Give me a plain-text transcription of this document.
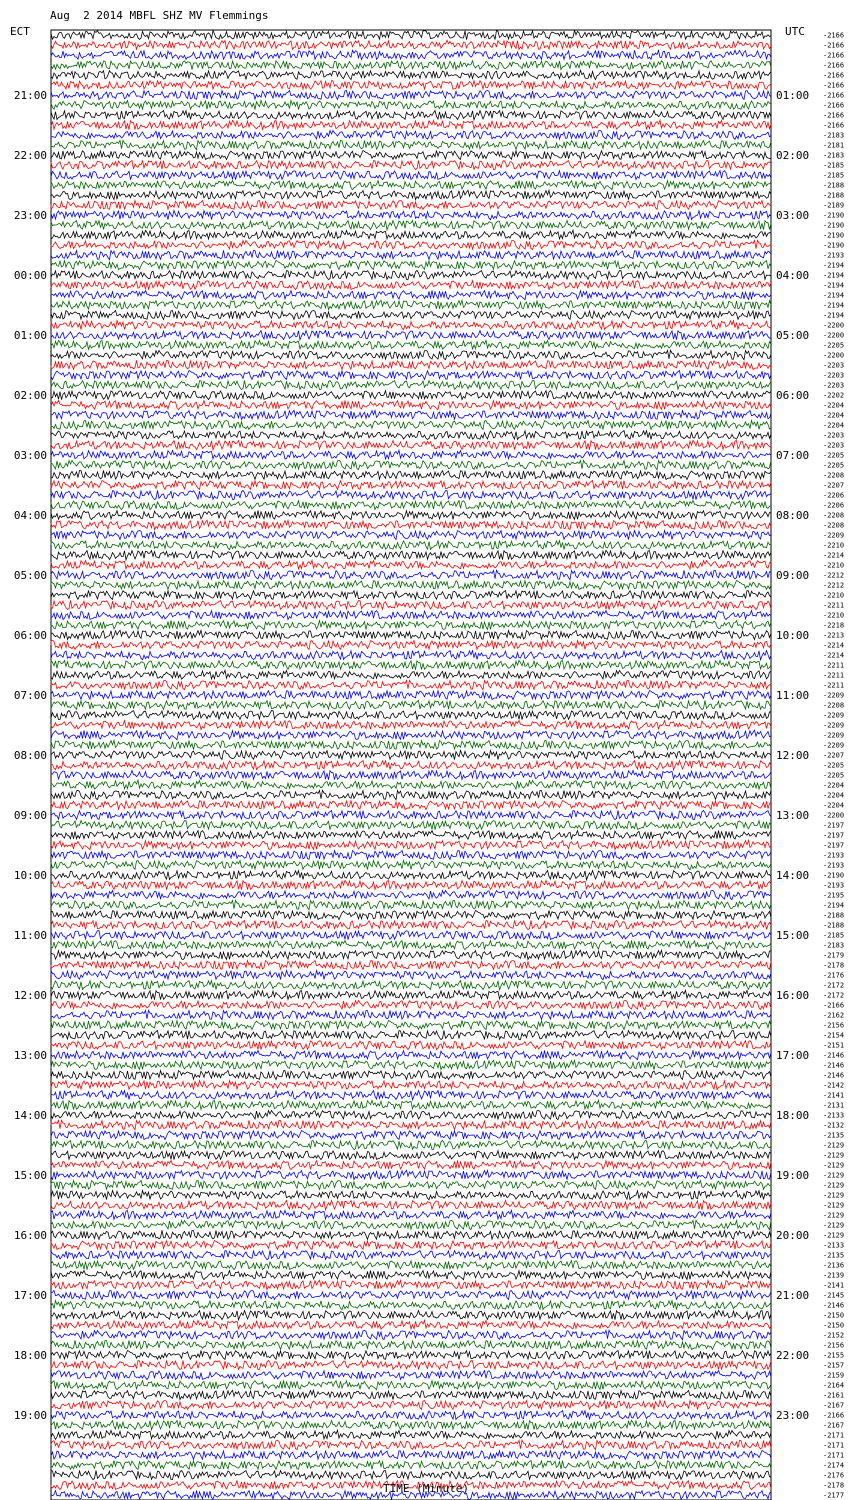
Aug  2 2014 MBFL SHZ MV Flemmings
ECT	UTC	-2166
-2166
-2166
-2166
-2166
-2166
-2166
-2166
-2166
-2166
-2183
-2181
-2183
-2185
-2185
-2188
-2188
-2189
-2190
-2190
-2190
-2190
-2193
-2194
-2194
-2194
-2194
-2194
-2194
-2200
-2200
-2205
-2200
-2203
-2203
-2203
-2202
-2204
-2204
-2204
-2203
-2203
-2205
-2205
-2208
-2207
-2206
-2206
-2208
-2208
-2209
-2210
-2214
-2210
-2212
-2212
-2210
-2211
-2210
-2218
-2213
-2214
-2214
-2211
-2211
-2211
-2209
-2208
-2209
-2209
-2209
-2209
-2207
-2205
-2205
-2204
-2204
-2204
-2200
-2197
-2197
-2197
-2193
-2193
-2190
-2193
-2195
-2194
-2188
-2188
-2185
-2183
-2179
-2178
-2176
-2172
-2172
-2166
-2162
-2156
-2154
-2151
-2146
-2146
-2146
-2142
-2141
-2131
-2133
-2132
-2135
-2129
-2129
-2129
-2129
-2129
-2129
-2129
-2129
-2129
-2129
-2133
-2135
-2136
-2139
-2141
-2145
-2146
-2150
-2150
-2152
-2156
-2155
-2157
-2159
-2164
-2161
-2167
-2166
-2167
-2171
-2171
-2171
-2174
-2176
-2178
-2177
21:00	01:00
22:00	02:00
23:00	03:00
00:00	04:00
01:00	05:00
02:00	06:00
03:00	07:00
04:00	08:00
05:00	09:00
06:00	10:00
07:00	11:00
08:00	12:00
09:00	13:00
10:00	14:00
11:00	15:00
12:00	16:00
13:00	17:00
14:00	18:00
15:00	19:00
16:00	20:00
17:00	21:00
18:00	22:00
19:00	23:00
TIME (Minute)
